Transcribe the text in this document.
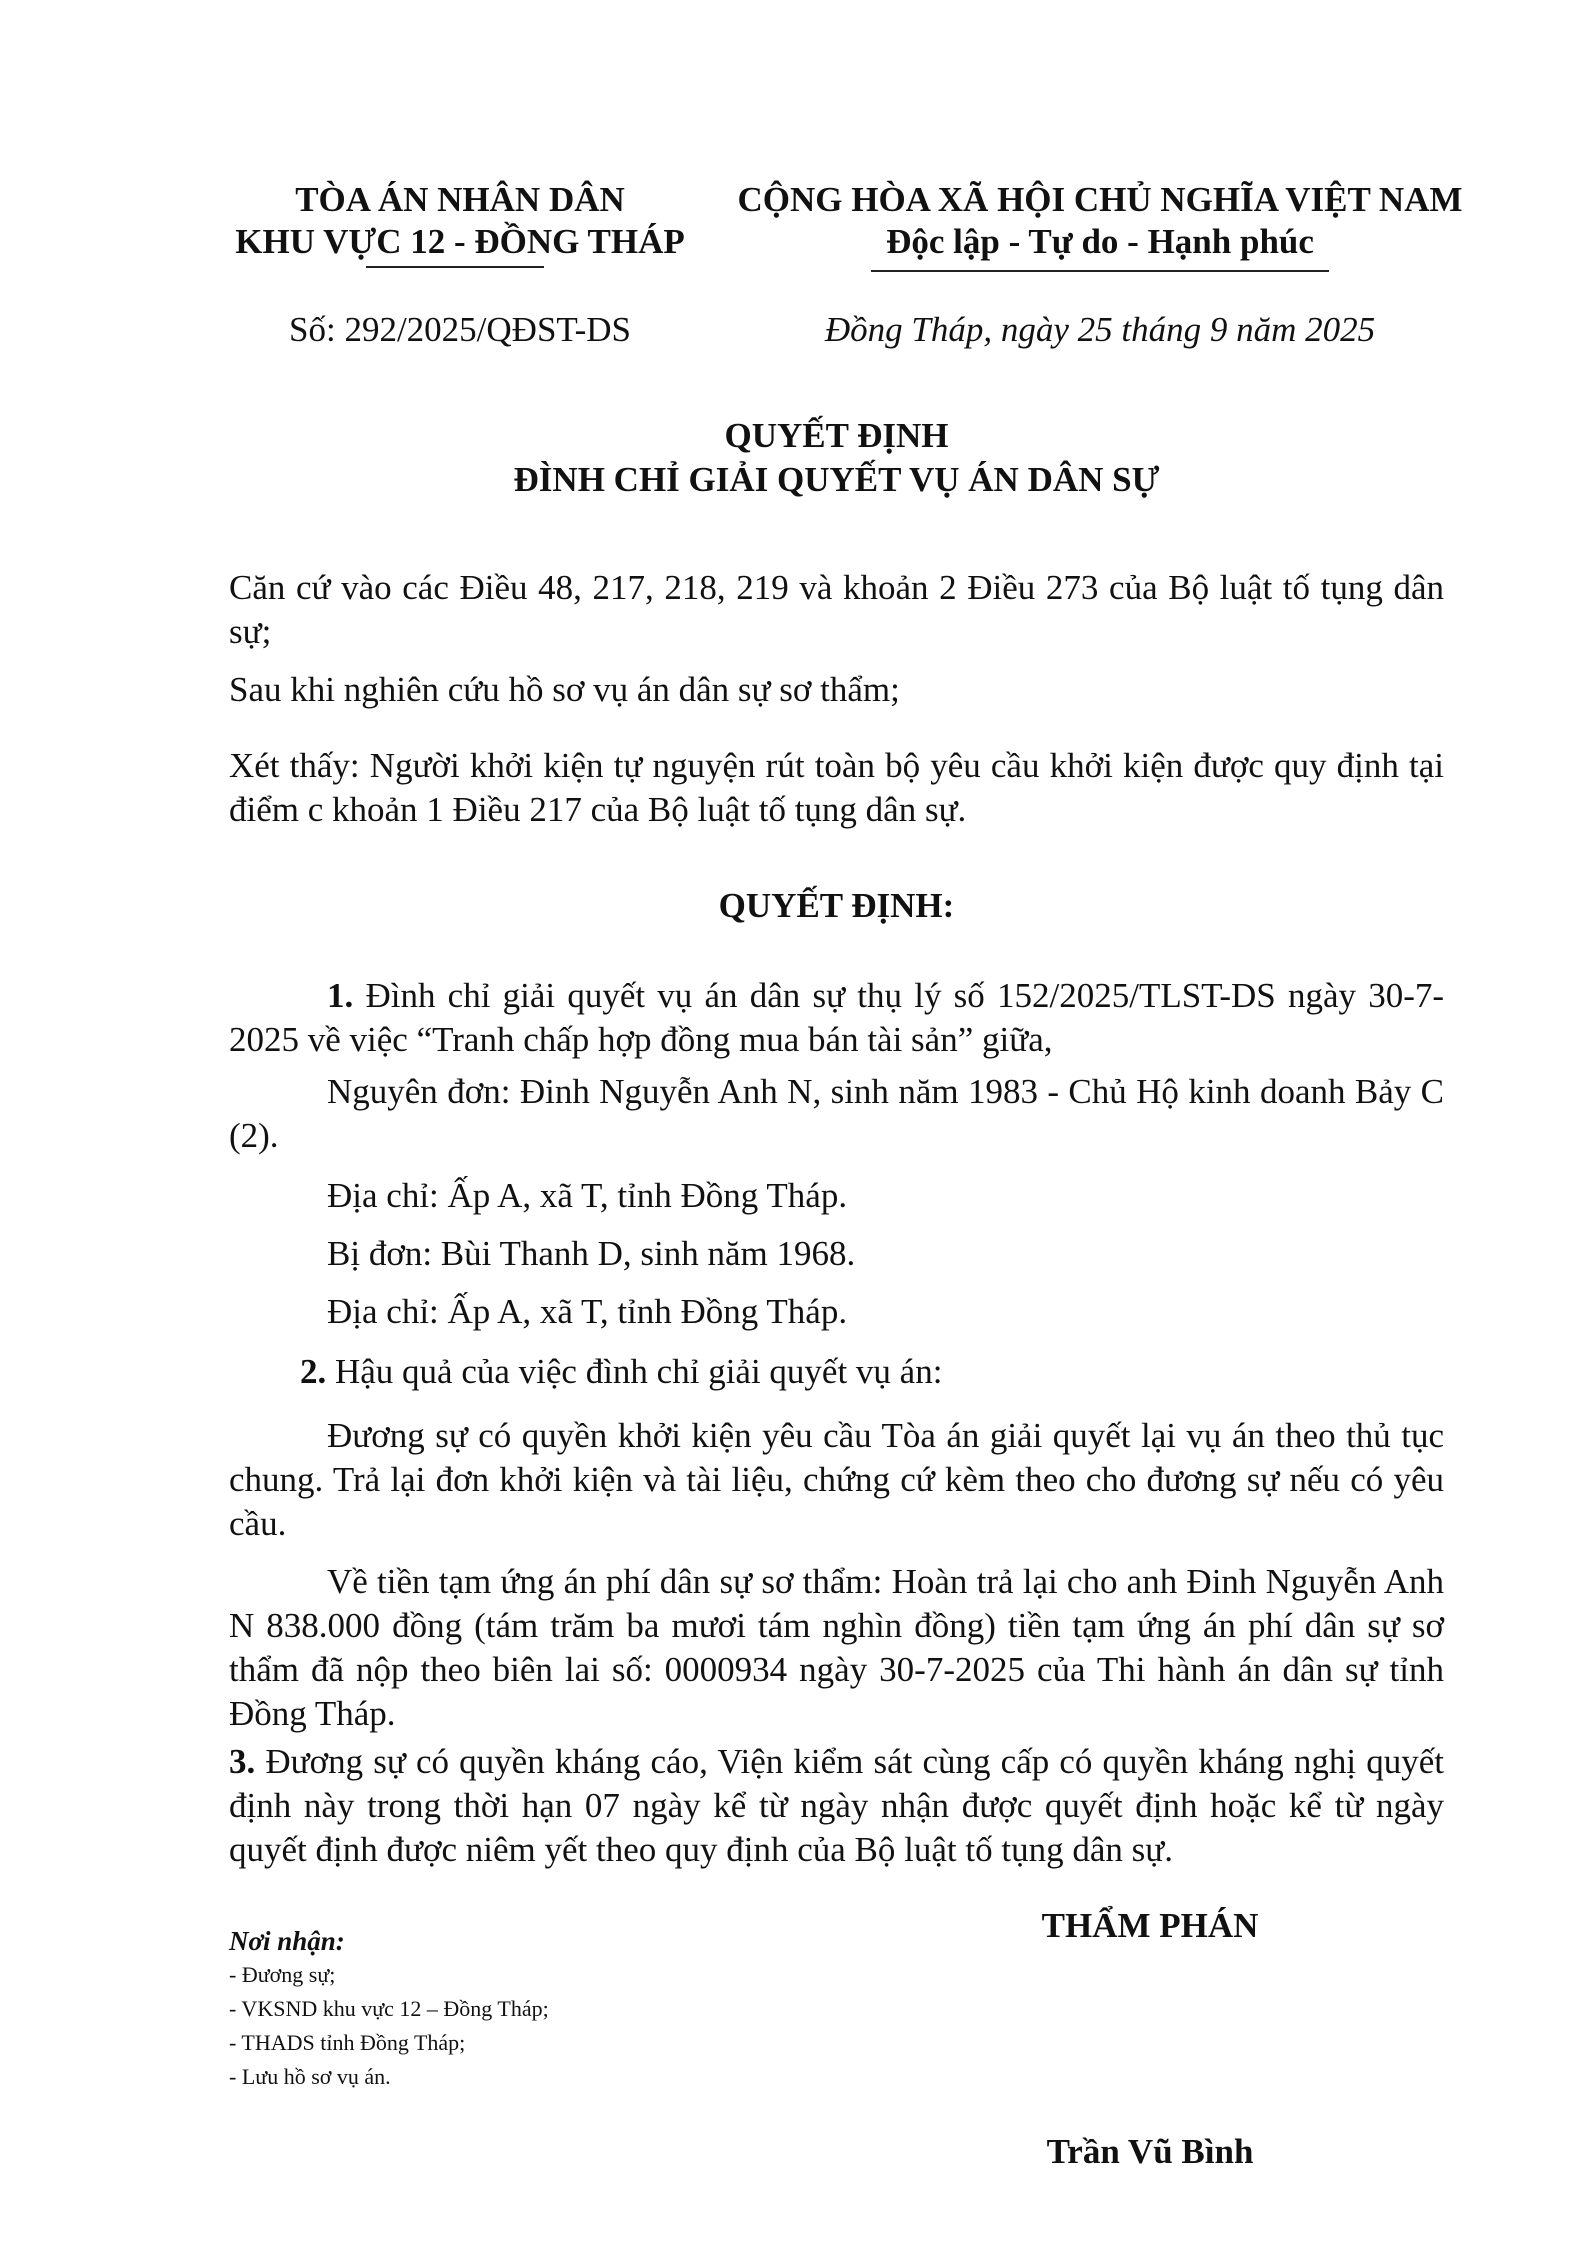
TÒA ÁN NHÂN DÂN
KHU VỰC 12 - ĐỒNG THÁP
CỘNG HÒA XÃ HỘI CHỦ NGHĨA VIỆT NAM
Độc lập - Tự do - Hạnh phúc
Số: 292/2025/QĐST-DS	Đồng Tháp, ngày 25 tháng 9 năm 2025
QUYẾT ĐỊNH
ĐÌNH CHỈ GIẢI QUYẾT VỤ ÁN DÂN SỰ
Căn cứ vào các Điều 48, 217, 218, 219 và khoản 2 Điều 273 của Bộ luật tố tụng dân sự;
Sau khi nghiên cứu hồ sơ vụ án dân sự sơ thẩm;
Xét thấy: Người khởi kiện tự nguyện rút toàn bộ yêu cầu khởi kiện được quy định tại điểm c khoản 1 Điều 217 của Bộ luật tố tụng dân sự.
QUYẾT ĐỊNH:
1. Đình chỉ giải quyết vụ án dân sự thụ lý số 152/2025/TLST-DS ngày 30-7-2025 về việc “Tranh chấp hợp đồng mua bán tài sản” giữa,
Nguyên đơn: Đinh Nguyễn Anh N, sinh năm 1983 - Chủ Hộ kinh doanh Bảy C (2).
Địa chỉ: Ấp A, xã T, tỉnh Đồng Tháp.
Bị đơn: Bùi Thanh D, sinh năm 1968.
Địa chỉ: Ấp A, xã T, tỉnh Đồng Tháp.
2. Hậu quả của việc đình chỉ giải quyết vụ án:
Đương sự có quyền khởi kiện yêu cầu Tòa án giải quyết lại vụ án theo thủ tục chung. Trả lại đơn khởi kiện và tài liệu, chứng cứ kèm theo cho đương sự nếu có yêu cầu.
Về tiền tạm ứng án phí dân sự sơ thẩm: Hoàn trả lại cho anh Đinh Nguyễn Anh N 838.000 đồng (tám trăm ba mươi tám nghìn đồng) tiền tạm ứng án phí dân sự sơ thẩm đã nộp theo biên lai số: 0000934 ngày 30-7-2025 của Thi hành án dân sự tỉnh Đồng Tháp.
3. Đương sự có quyền kháng cáo, Viện kiểm sát cùng cấp có quyền kháng nghị quyết định này trong thời hạn 07 ngày kể từ ngày nhận được quyết định hoặc kể từ ngày quyết định được niêm yết theo quy định của Bộ luật tố tụng dân sự.
Nơi nhận:
- Đương sự;
- VKSND khu vực 12 – Đồng Tháp;
- THADS tỉnh Đồng Tháp;
- Lưu hồ sơ vụ án.
THẨM PHÁN
Trần Vũ Bình
